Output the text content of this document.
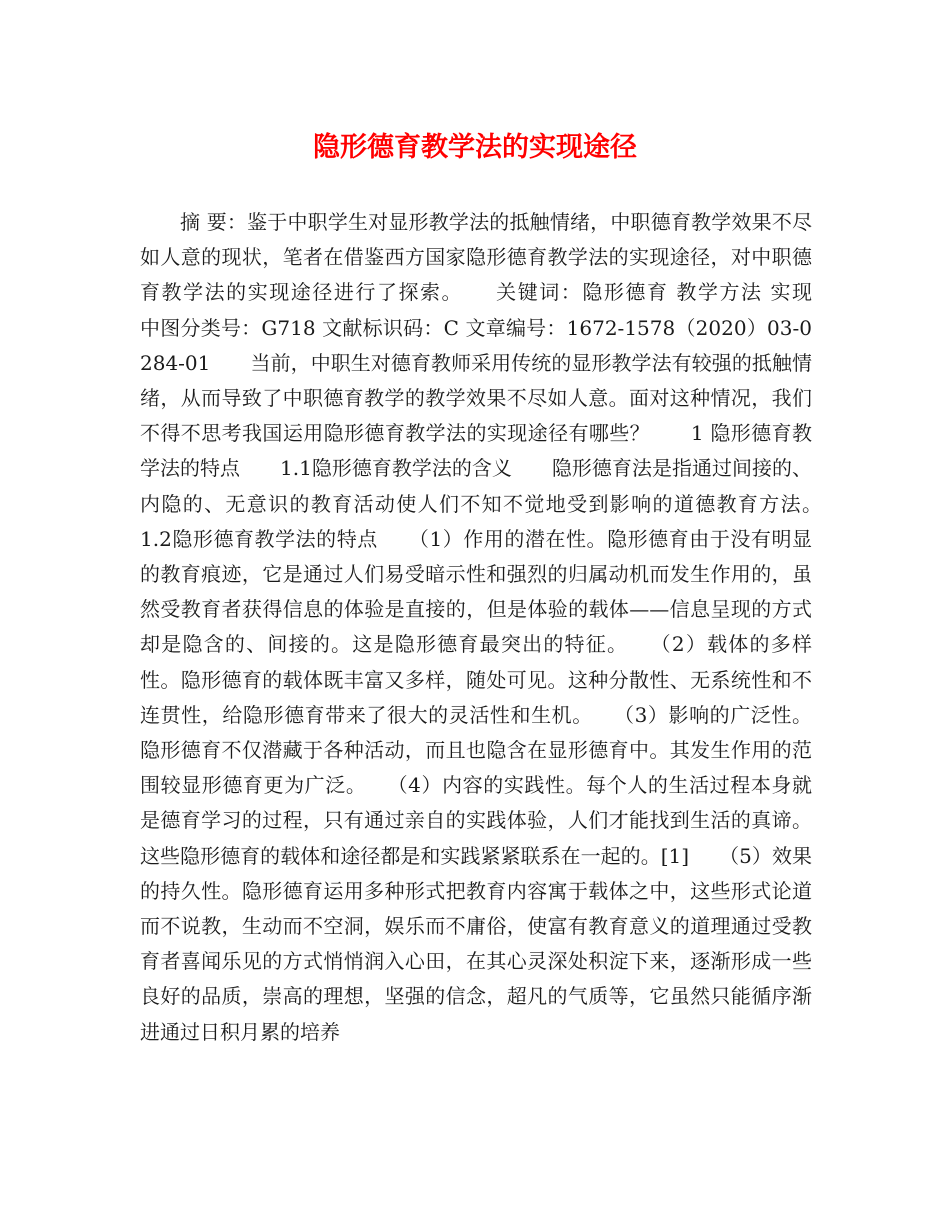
隐形德育教学法的实现途径

摘 要：鉴于中职学生对显形教学法的抵触情绪，中职德育教学效果不尽如人意的现状，笔者在借鉴西方国家隐形德育教学法的实现途径，对中职德育教学法的实现途径进行了探索。　　关键词：隐形德育 教学方法 实现　　中图分类号：G718 文献标识码：C 文章编号：1672-1578（2020）03-0284-01　　当前，中职生对德育教师采用传统的显形教学法有较强的抵触情绪，从而导致了中职德育教学的教学效果不尽如人意。面对这种情况，我们不得不思考我国运用隐形德育教学法的实现途径有哪些？　　1 隐形德育教学法的特点　　1.1隐形德育教学法的含义　　隐形德育法是指通过间接的、内隐的、无意识的教育活动使人们不知不觉地受到影响的道德教育方法。　　1.2隐形德育教学法的特点　　（1）作用的潜在性。隐形德育由于没有明显的教育痕迹，它是通过人们易受暗示性和强烈的归属动机而发生作用的，虽然受教育者获得信息的体验是直接的，但是体验的载体——信息呈现的方式却是隐含的、间接的。这是隐形德育最突出的特征。　　（2）载体的多样性。隐形德育的载体既丰富又多样，随处可见。这种分散性、无系统性和不连贯性，给隐形德育带来了很大的灵活性和生机。　　（3）影响的广泛性。隐形德育不仅潜藏于各种活动，而且也隐含在显形德育中。其发生作用的范围较显形德育更为广泛。　　（4）内容的实践性。每个人的生活过程本身就是德育学习的过程，只有通过亲自的实践体验，人们才能找到生活的真谛。这些隐形德育的载体和途径都是和实践紧紧联系在一起的。[1]　　（5）效果的持久性。隐形德育运用多种形式把教育内容寓于载体之中，这些形式论道而不说教，生动而不空洞，娱乐而不庸俗，使富有教育意义的道理通过受教育者喜闻乐见的方式悄悄润入心田，在其心灵深处积淀下来，逐渐形成一些良好的品质，崇高的理想，坚强的信念，超凡的气质等，它虽然只能循序渐进通过日积月累的培养
